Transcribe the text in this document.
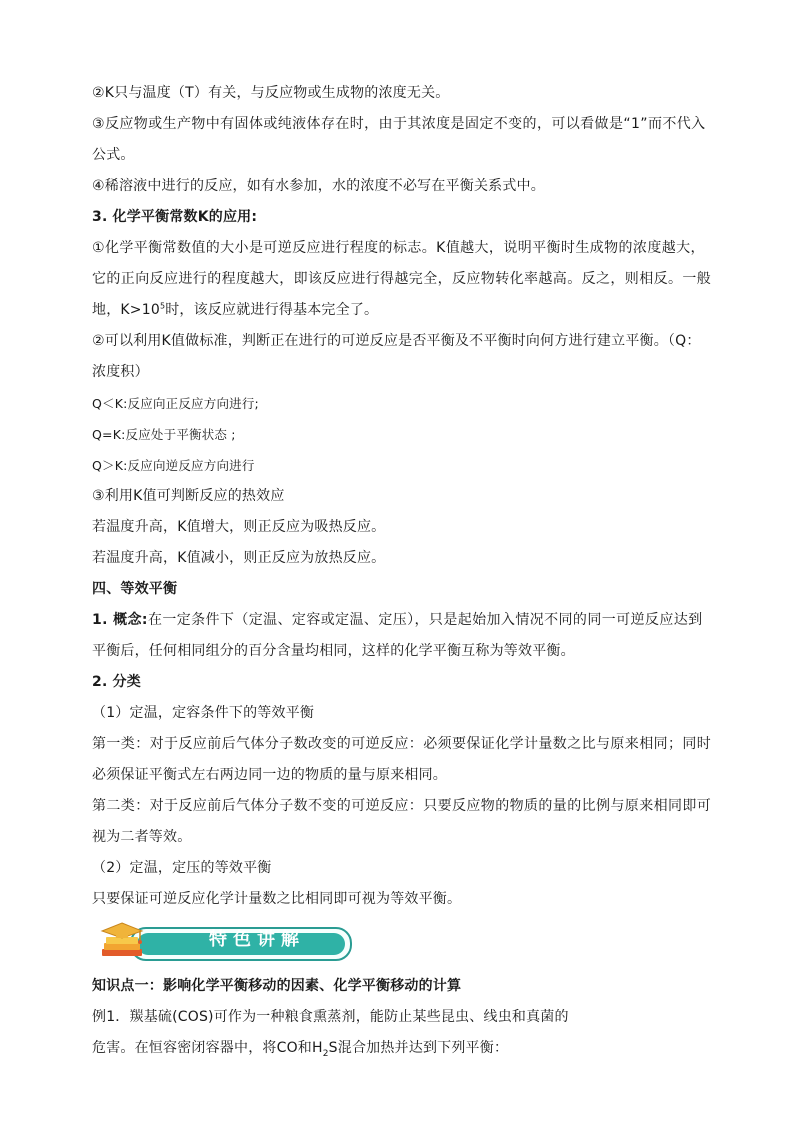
②K只与温度（T）有关，与反应物或生成物的浓度无关。
③反应物或生产物中有固体或纯液体存在时，由于其浓度是固定不变的，可以看做是“1”而不代入
公式。
④稀溶液中进行的反应，如有水参加，水的浓度不必写在平衡关系式中。
3. 化学平衡常数K的应用:
①化学平衡常数值的大小是可逆反应进行程度的标志。K值越大，说明平衡时生成物的浓度越大，
它的正向反应进行的程度越大，即该反应进行得越完全，反应物转化率越高。反之，则相反。一般
地，$K>10^5$时，该反应就进行得基本完全了。
②可以利用K值做标准，判断正在进行的可逆反应是否平衡及不平衡时向何方进行建立平衡。（Q：
浓度积）
Q＜K:反应向正反应方向进行;
Q=K:反应处于平衡状态 ;
Q＞K:反应向逆反应方向进行
③利用K值可判断反应的热效应
若温度升高，K值增大，则正反应为吸热反应。
若温度升高，K值减小，则正反应为放热反应。
四、等效平衡
1. 概念:在一定条件下（定温、定容或定温、定压），只是起始加入情况不同的同一可逆反应达到
平衡后，任何相同组分的百分含量均相同，这样的化学平衡互称为等效平衡。
2. 分类
（1）定温，定容条件下的等效平衡
第一类：对于反应前后气体分子数改变的可逆反应：必须要保证化学计量数之比与原来相同；同时
必须保证平衡式左右两边同一边的物质的量与原来相同。
第二类：对于反应前后气体分子数不变的可逆反应：只要反应物的物质的量的比例与原来相同即可
视为二者等效。
（2）定温，定压的等效平衡
只要保证可逆反应化学计量数之比相同即可视为等效平衡。
特色讲解
知识点一：影响化学平衡移动的因素、化学平衡移动的计算
例1．羰基硫(COS)可作为一种粮食熏蒸剂，能防止某些昆虫、线虫和真菌的
危害。在恒容密闭容器中，将CO和$H_2S$混合加热并达到下列平衡：
